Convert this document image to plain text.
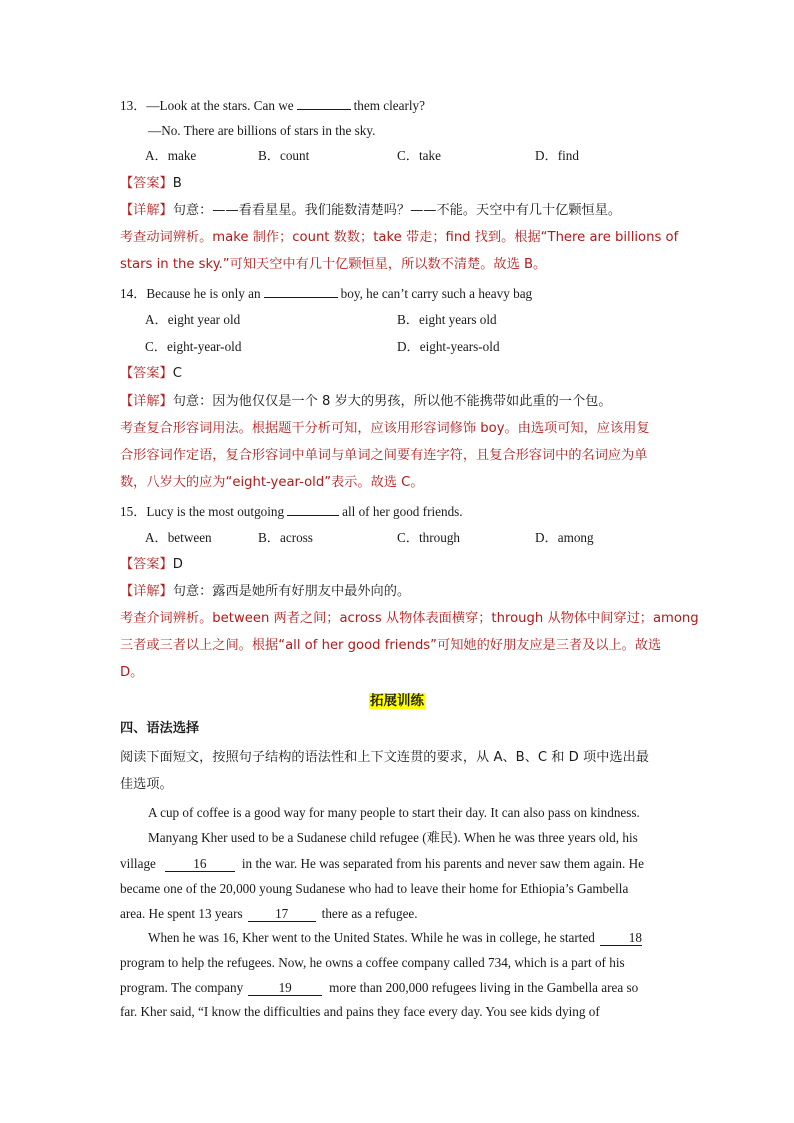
13．—Look at the stars. Can we	them clearly?
—No. There are billions of stars in the sky.
A．make	B．count	C．take	D．find
【答案】B
【详解】句意：——看看星星。我们能数清楚吗？——不能。天空中有几十亿颗恒星。
考查动词辨析。make 制作；count 数数；take 带走；find 找到。根据“There are billions of
stars in the sky.”可知天空中有几十亿颗恒星，所以数不清楚。故选 B。
14．Because he is only an	boy, he can’t carry such a heavy bag
A．eight year old	B．eight years old
C．eight-year-old	D．eight-years-old
【答案】C
【详解】句意：因为他仅仅是一个 8 岁大的男孩，所以他不能携带如此重的一个包。
考查复合形容词用法。根据题干分析可知，应该用形容词修饰 boy。由选项可知，应该用复
合形容词作定语，复合形容词中单词与单词之间要有连字符，且复合形容词中的名词应为单
数，八岁大的应为“eight-year-old”表示。故选 C。
15．Lucy is the most outgoing	all of her good friends.
A．between	B．across	C．through	D．among
【答案】D
【详解】句意：露西是她所有好朋友中最外向的。
考查介词辨析。between 两者之间；across 从物体表面横穿；through 从物体中间穿过；among
三者或三者以上之间。根据“all of her good friends”可知她的好朋友应是三者及以上。故选
D。
拓展训练
四、语法选择
阅读下面短文，按照句子结构的语法性和上下文连贯的要求，从 A、B、C 和 D 项中选出最
佳选项。
A cup of coffee is a good way for many people to start their day. It can also pass on kindness.
Manyang Kher used to be a Sudanese child refugee (难民). When he was three years old, his
village	16	in the war. He was separated from his parents and never saw them again. He
became one of the 20,000 young Sudanese who had to leave their home for Ethiopia’s Gambella
area. He spent 13 years 17	there as a refugee.
When he was 16, Kher went to the United States. While he was in college, he started	18
program to help the refugees. Now, he owns a coffee company called 734, which is a part of his
program. The company	19	more than 200,000 refugees living in the Gambella area so
far. Kher said, “I know the difficulties and pains they face every day. You see kids dying of
